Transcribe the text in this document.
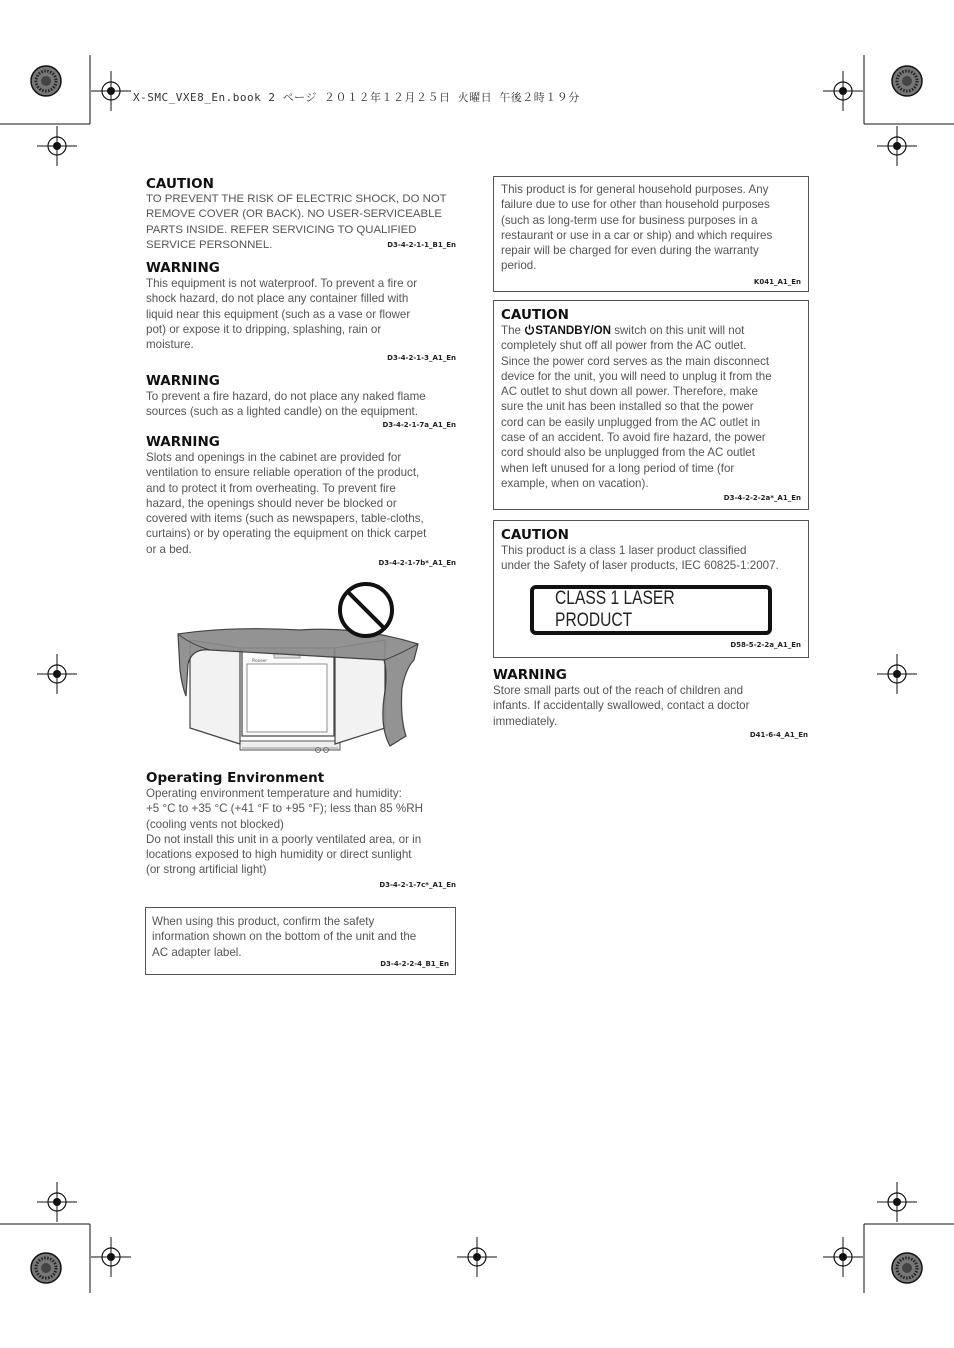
X-SMC_VXE8_En.book 2 ページ ２０１２年１２月２５日 火曜日 午後２時１９分
CAUTION
TO PREVENT THE RISK OF ELECTRIC SHOCK, DO NOT
REMOVE COVER (OR BACK). NO USER-SERVICEABLE
PARTS INSIDE. REFER SERVICING TO QUALIFIED
SERVICE PERSONNEL.	D3-4-2-1-1_B1_En
WARNING
This equipment is not waterproof. To prevent a fire or
shock hazard, do not place any container filled with
liquid near this equipment (such as a vase or flower
pot) or expose it to dripping, splashing, rain or
moisture.
D3-4-2-1-3_A1_En
WARNING
To prevent a fire hazard, do not place any naked flame
sources (such as a lighted candle) on the equipment.
D3-4-2-1-7a_A1_En
WARNING
Slots and openings in the cabinet are provided for
ventilation to ensure reliable operation of the product,
and to protect it from overheating. To prevent fire
hazard, the openings should never be blocked or
covered with items (such as newspapers, table-cloths,
curtains) or by operating the equipment on thick carpet
or a bed.
D3-4-2-1-7b*_A1_En
Pioneer
Operating Environment
Operating environment temperature and humidity:
+5 °C to +35 °C (+41 °F to +95 °F); less than 85 %RH
(cooling vents not blocked)
Do not install this unit in a poorly ventilated area, or in
locations exposed to high humidity or direct sunlight
(or strong artificial light)
D3-4-2-1-7c*_A1_En
When using this product, confirm the safety
information shown on the bottom of the unit and the
AC adapter label.
D3-4-2-2-4_B1_En
This product is for general household purposes. Any
failure due to use for other than household purposes
(such as long-term use for business purposes in a
restaurant or use in a car or ship) and which requires
repair will be charged for even during the warranty
period.
K041_A1_En
CAUTION
The STANDBY/ON switch on this unit will not
completely shut off all power from the AC outlet.
Since the power cord serves as the main disconnect
device for the unit, you will need to unplug it from the
AC outlet to shut down all power. Therefore, make
sure the unit has been installed so that the power
cord can be easily unplugged from the AC outlet in
case of an accident. To avoid fire hazard, the power
cord should also be unplugged from the AC outlet
when left unused for a long period of time (for
example, when on vacation).
D3-4-2-2-2a*_A1_En
CAUTION
This product is a class 1 laser product classified
under the Safety of laser products, IEC 60825-1:2007.
CLASS 1 LASER PRODUCT
D58-5-2-2a_A1_En
WARNING
Store small parts out of the reach of children and
infants. If accidentally swallowed, contact a doctor
immediately.
D41-6-4_A1_En
